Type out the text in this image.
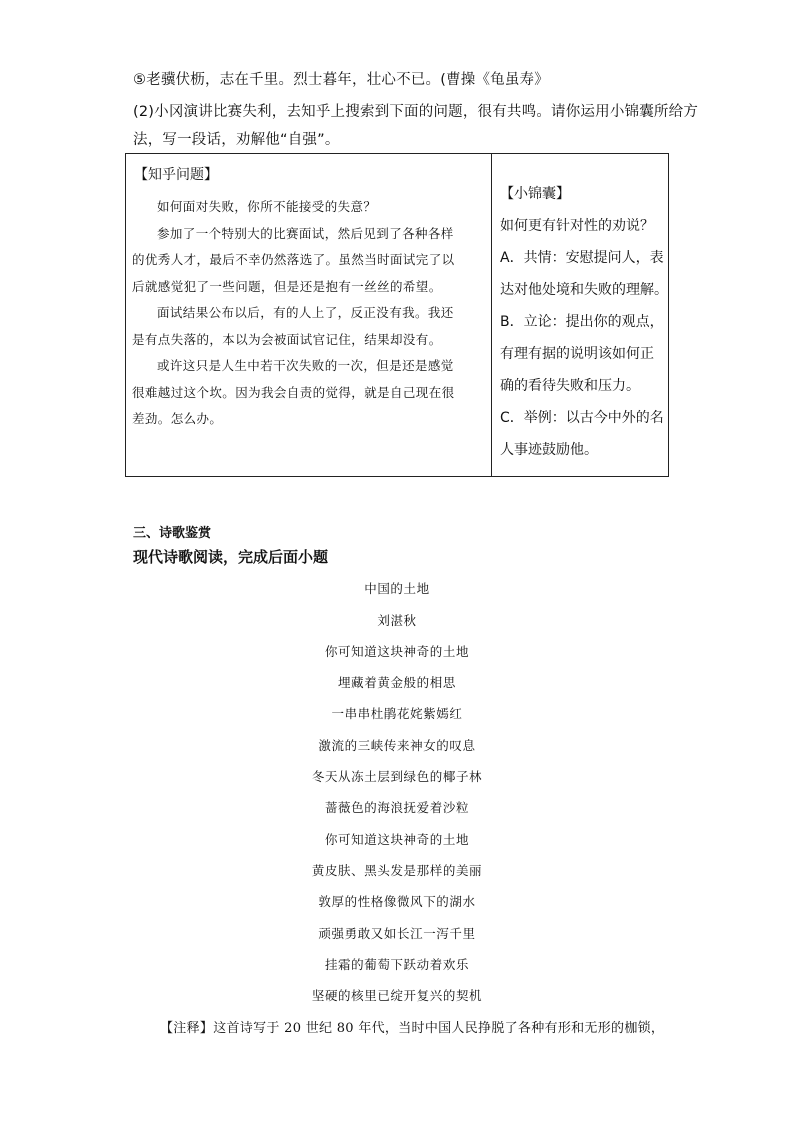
⑤老骥伏枥，志在千里。烈士暮年，壮心不已。(曹操《龟虽寿》
(2)小冈演讲比赛失利，去知乎上搜索到下面的问题，很有共鸣。请你运用小锦囊所给方
法，写一段话，劝解他“自强”。
【知乎问题】

如何面对失败，你所不能接受的失意？

参加了一个特别大的比赛面试，然后见到了各种各样

的优秀人才，最后不幸仍然落选了。虽然当时面试完了以

后就感觉犯了一些问题，但是还是抱有一丝丝的希望。

面试结果公布以后，有的人上了，反正没有我。我还

是有点失落的，本以为会被面试官记住，结果却没有。

或许这只是人生中若干次失败的一次，但是还是感觉

很难越过这个坎。因为我会自责的觉得，就是自己现在很

差劲。怎么办。

【小锦囊】
如何更有针对性的劝说？
A．共情：安慰提问人，表
达对他处境和失败的理解。
B．立论：提出你的观点，
有理有据的说明该如何正
确的看待失败和压力。
C．举例：以古今中外的名
人事迹鼓励他。
三、诗歌鉴赏
现代诗歌阅读，完成后面小题
中国的土地
刘湛秋
你可知道这块神奇的土地
埋藏着黄金般的相思
一串串杜鹃花姹紫嫣红
激流的三峡传来神女的叹息
冬天从冻土层到绿色的椰子林
蔷薇色的海浪抚爱着沙粒
你可知道这块神奇的土地
黄皮肤、黑头发是那样的美丽
敦厚的性格像微风下的湖水
顽强勇敢又如长江一泻千里
挂霜的葡萄下跃动着欢乐
坚硬的核里已绽开复兴的契机
【注释】这首诗写于 20 世纪 80 年代，当时中国人民挣脱了各种有形和无形的枷锁，
